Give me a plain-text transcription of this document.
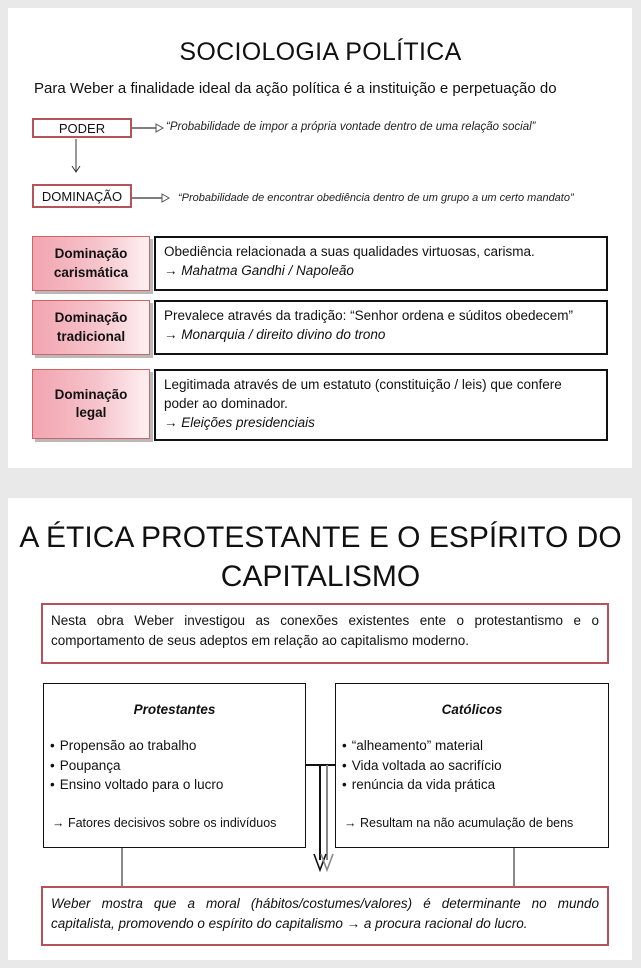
SOCIOLOGIA POLÍTICA
Para Weber a finalidade ideal da ação política é a instituição e perpetuação do
PODER	“Probabilidade de impor a própria vontade dentro de uma relação social”
DOMINAÇÃO	“Probabilidade de encontrar obediência dentro de um grupo a um certo mandato”
Dominação
carismática
Obediência relacionada a suas qualidades virtuosas, carisma.
→ Mahatma Gandhi / Napoleão
Dominação
tradicional
Prevalece através da tradição: “Senhor ordena e súditos obedecem”
→ Monarquia / direito divino do trono
Dominação
legal
Legitimada através de um estatuto (constituição / leis) que confere poder ao dominador.
→ Eleições presidenciais
A ÉTICA PROTESTANTE E O ESPÍRITO DO
CAPITALISMO
Nesta obra Weber investigou as conexões existentes ente o protestantismo e o comportamento de seus adeptos em relação ao capitalismo moderno.
Protestantes
• Propensão ao trabalho
• Poupança
• Ensino voltado para o lucro
→ Fatores decisivos sobre os indivíduos
Católicos
• “alheamento” material
• Vida voltada ao sacrifício
• renúncia da vida prática
→ Resultam na não acumulação de bens
Weber mostra que a moral (hábitos/costumes/valores) é determinante no mundo capitalista, promovendo o espírito do capitalismo → a procura racional do lucro.
